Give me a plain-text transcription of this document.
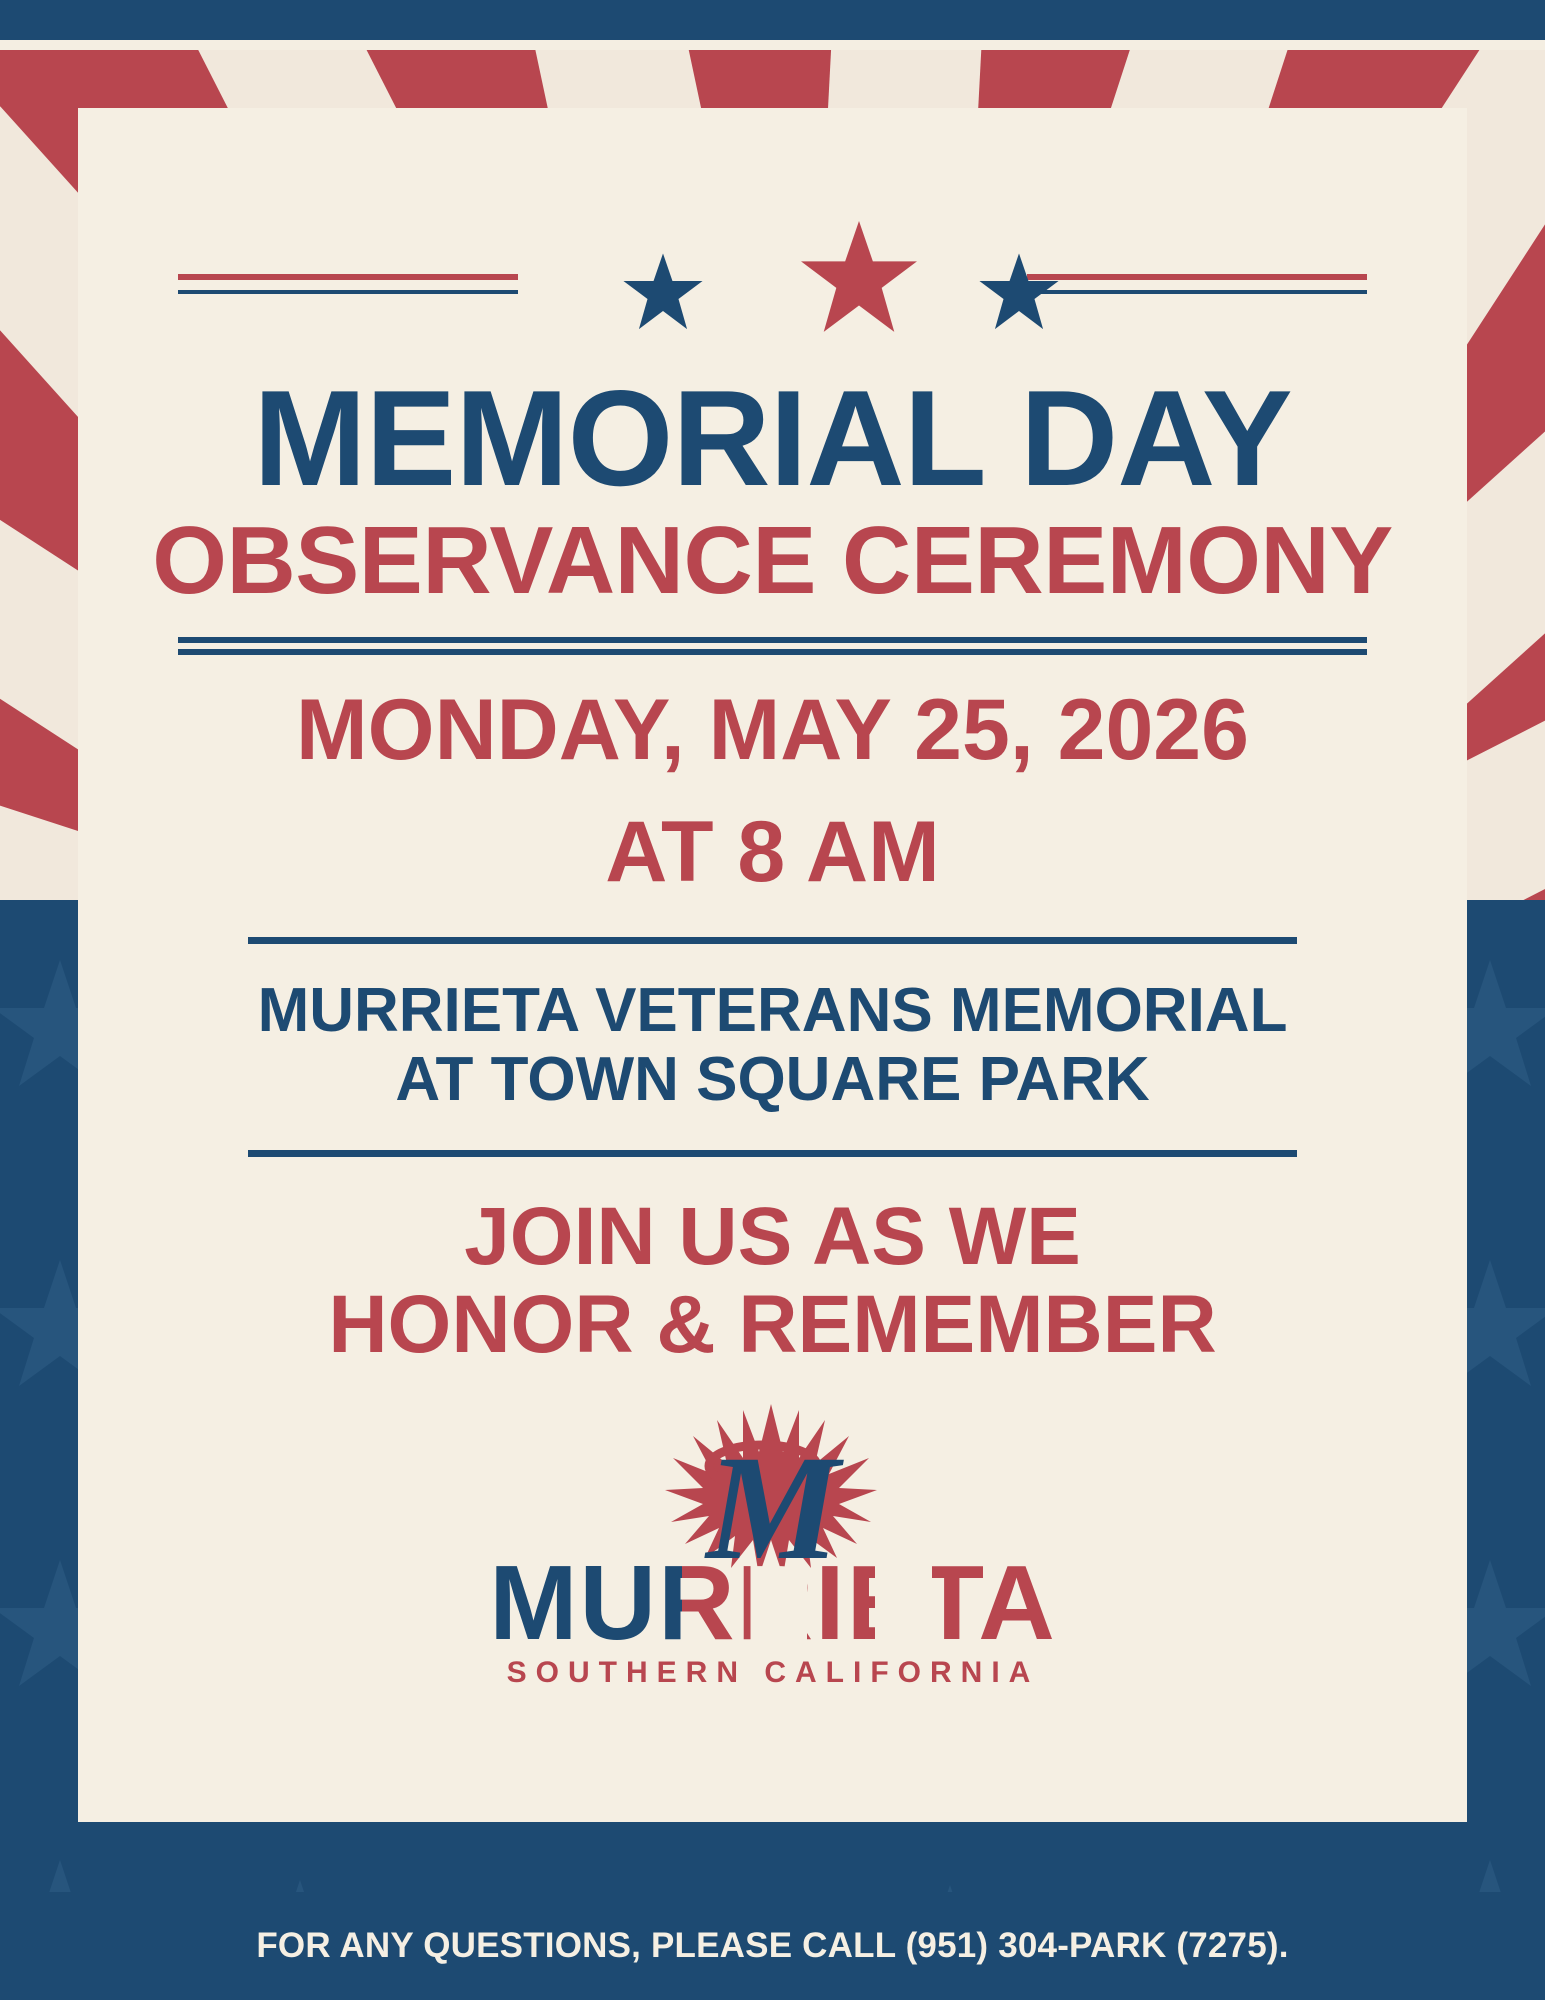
MEMORIAL DAY
OBSERVANCE CEREMONY
MONDAY, MAY 25, 2026
AT 8 AM
MURRIETA VETERANS MEMORIAL
AT TOWN SQUARE PARK
JOIN US AS WE
HONOR & REMEMBER
M
MURRIETA
SOUTHERN CALIFORNIA
FOR ANY QUESTIONS, PLEASE CALL (951) 304-PARK (7275).
